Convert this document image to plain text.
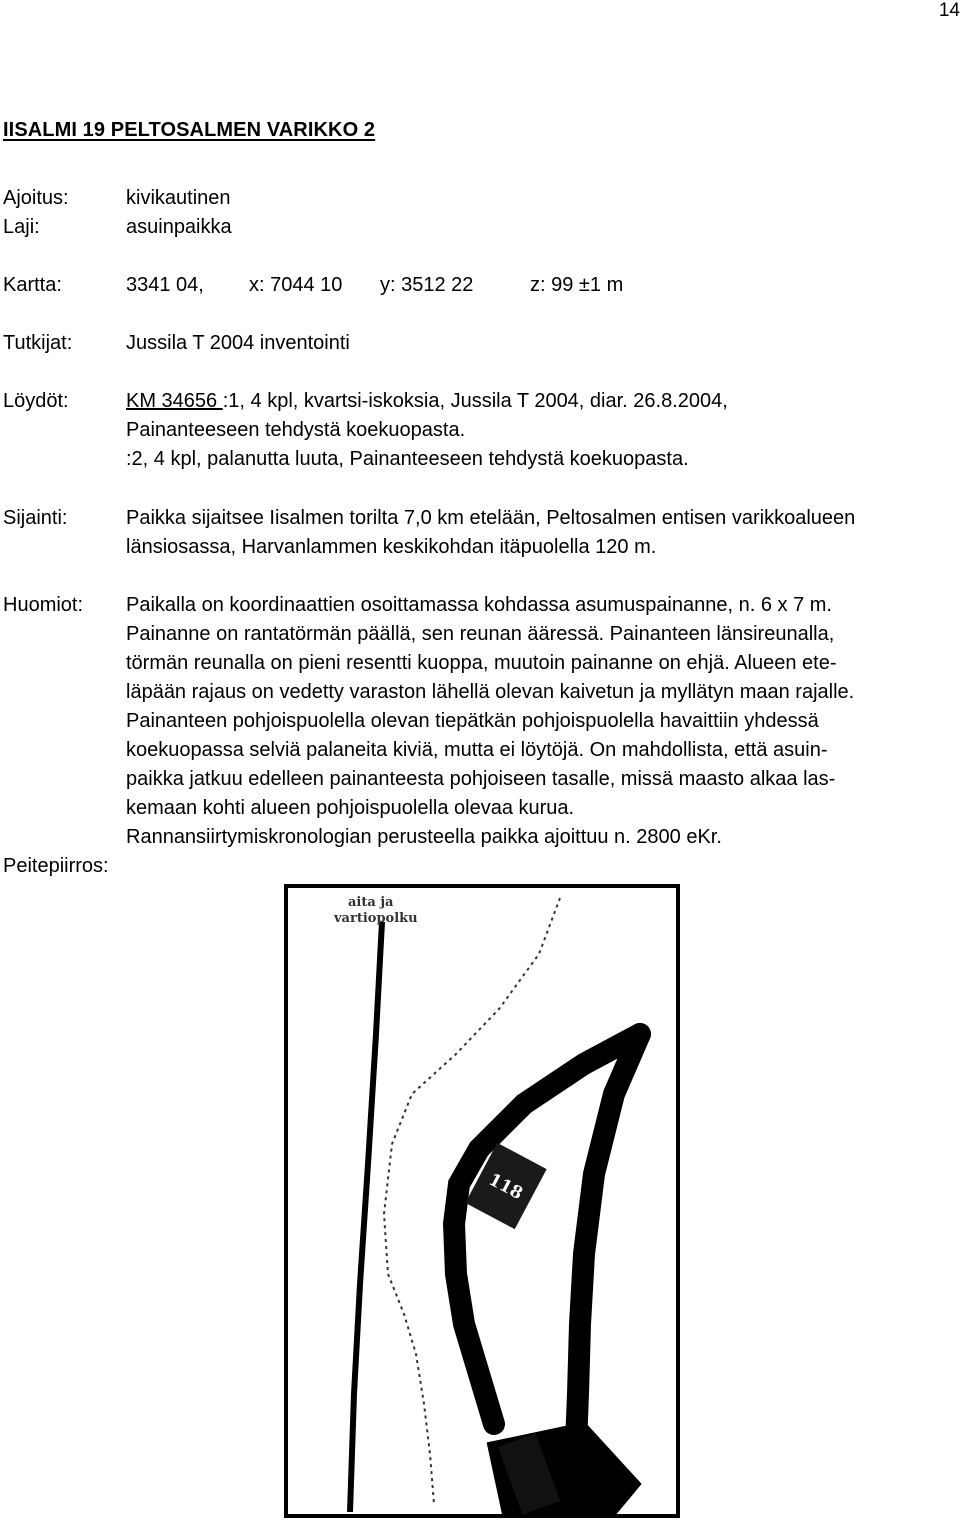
14
IISALMI 19 PELTOSALMEN VARIKKO 2
Ajoitus:	kivikautinen
Laji:	asuinpaikka
Kartta:	3341 04, x: 7044 10 y: 3512 22	z: 99 ±1 m
Tutkijat:	Jussila T 2004 inventointi
Löydöt:	KM 34656 :1, 4 kpl, kvartsi-iskoksia, Jussila T 2004, diar. 26.8.2004,
Painanteeseen tehdystä koekuopasta.
:2, 4 kpl, palanutta luuta, Painanteeseen tehdystä koekuopasta.
Sijainti:	Paikka sijaitsee Iisalmen torilta 7,0 km etelään, Peltosalmen entisen varikkoalueen
länsiosassa, Harvanlammen keskikohdan itäpuolella 120 m.
Huomiot: Paikalla on koordinaattien osoittamassa kohdassa asumuspainanne, n. 6 x 7 m.
Painanne on rantatörmän päällä, sen reunan ääressä. Painanteen länsireunalla,
törmän reunalla on pieni resentti kuoppa, muutoin painanne on ehjä. Alueen ete-
läpään rajaus on vedetty varaston lähellä olevan kaivetun ja myllätyn maan rajalle.
Painanteen pohjoispuolella olevan tiepätkän pohjoispuolella havaittiin yhdessä
koekuopassa selviä palaneita kiviä, mutta ei löytöjä. On mahdollista, että asuin-
paikka jatkuu edelleen painanteesta pohjoiseen tasalle, missä maasto alkaa las-
kemaan kohti alueen pohjoispuolella olevaa kurua.
Rannansiirtymiskronologian perusteella paikka ajoittuu n. 2800 eKr.
Peitepiirros:
118
aita ja
vartiopolku
